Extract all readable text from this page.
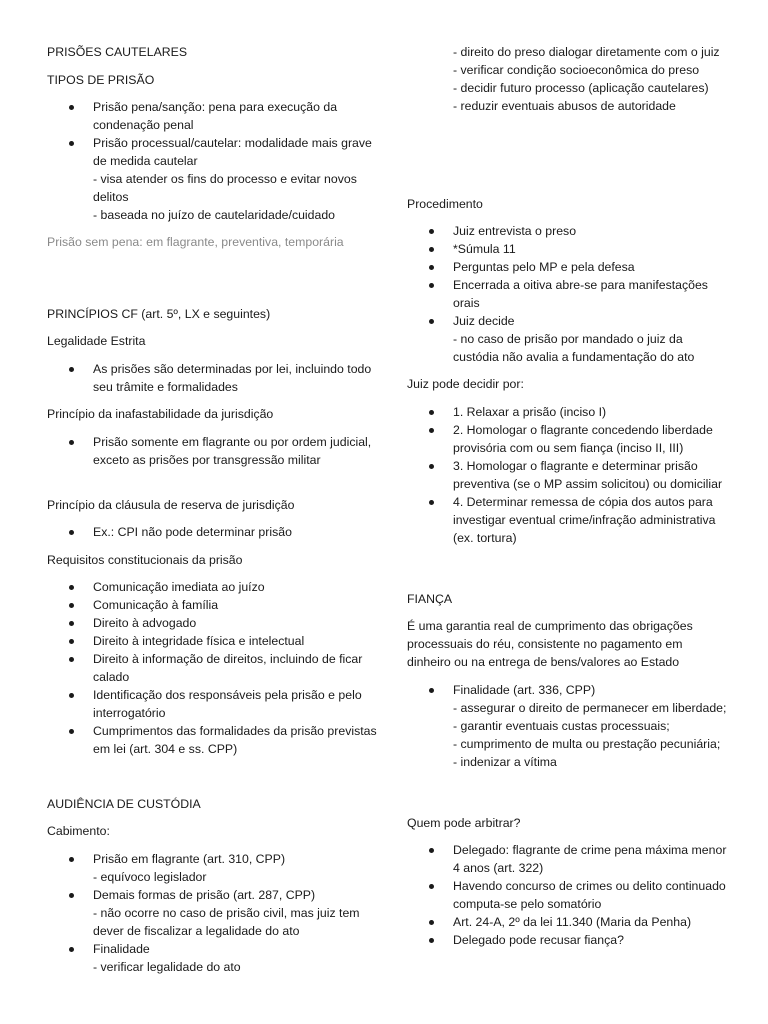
PRISÕES CAUTELARES
TIPOS DE PRISÃO
Prisão pena/sanção: pena para execução da condenação penal
Prisão processual/cautelar: modalidade mais grave de medida cautelar
- visa atender os fins do processo e evitar novos delitos
- baseada no juízo de cautelaridade/cuidado
Prisão sem pena: em flagrante, preventiva, temporária
PRINCÍPIOS CF (art. 5º, LX e seguintes)
Legalidade Estrita
As prisões são determinadas por lei, incluindo todo seu trâmite e formalidades
Princípio da inafastabilidade da jurisdição
Prisão somente em flagrante ou por ordem judicial, exceto as prisões por transgressão militar
Princípio da cláusula de reserva de jurisdição
Ex.: CPI não pode determinar prisão
Requisitos constitucionais da prisão
Comunicação imediata ao juízo
Comunicação à família
Direito à advogado
Direito à integridade física e intelectual
Direito à informação de direitos, incluindo de ficar calado
Identificação dos responsáveis pela prisão e pelo interrogatório
Cumprimentos das formalidades da prisão previstas em lei (art. 304 e ss. CPP)
AUDIÊNCIA DE CUSTÓDIA
Cabimento:
Prisão em flagrante (art. 310, CPP)
- equívoco legislador
Demais formas de prisão (art. 287, CPP)
- não ocorre no caso de prisão civil, mas juiz tem dever de fiscalizar a legalidade do ato
Finalidade
- verificar legalidade do ato
- direito do preso dialogar diretamente com o juiz
- verificar condição socioeconômica do preso
- decidir futuro processo (aplicação cautelares)
- reduzir eventuais abusos de autoridade
Procedimento
Juiz entrevista o preso
*Súmula 11
Perguntas pelo MP e pela defesa
Encerrada a oitiva abre-se para manifestações orais
Juiz decide
- no caso de prisão por mandado o juiz da custódia não avalia a fundamentação do ato
Juiz pode decidir por:
1. Relaxar a prisão (inciso I)
2. Homologar o flagrante concedendo liberdade provisória com ou sem fiança (inciso II, III)
3. Homologar o flagrante e determinar prisão preventiva (se o MP assim solicitou) ou domiciliar
4. Determinar remessa de cópia dos autos para investigar eventual crime/infração administrativa (ex. tortura)
FIANÇA
É uma garantia real de cumprimento das obrigações processuais do réu, consistente no pagamento em dinheiro ou na entrega de bens/valores ao Estado
Finalidade (art. 336, CPP)
- assegurar o direito de permanecer em liberdade;
- garantir eventuais custas processuais;
- cumprimento de multa ou prestação pecuniária;
- indenizar a vítima
Quem pode arbitrar?
Delegado: flagrante de crime pena máxima menor 4 anos (art. 322)
Havendo concurso de crimes ou delito continuado computa-se pelo somatório
Art. 24-A, 2º da lei 11.340 (Maria da Penha)
Delegado pode recusar fiança?
